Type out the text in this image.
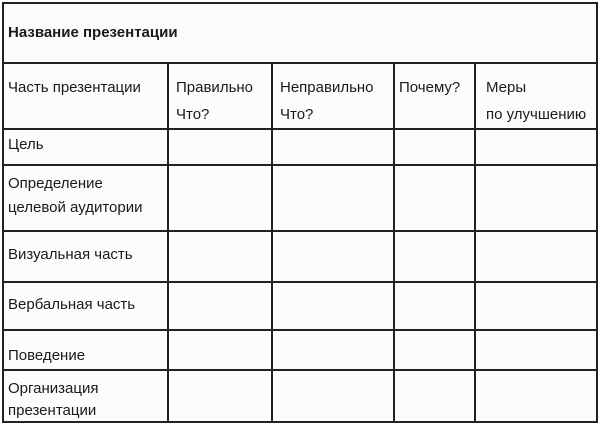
Название презентации
Часть презентации Правильно
Что?
Неправильно
Что?
Почему? Меры
по улучшению
Цель
Определение
целевой аудитории
Визуальная часть
Вербальная часть
Поведение
Организация
презентации
